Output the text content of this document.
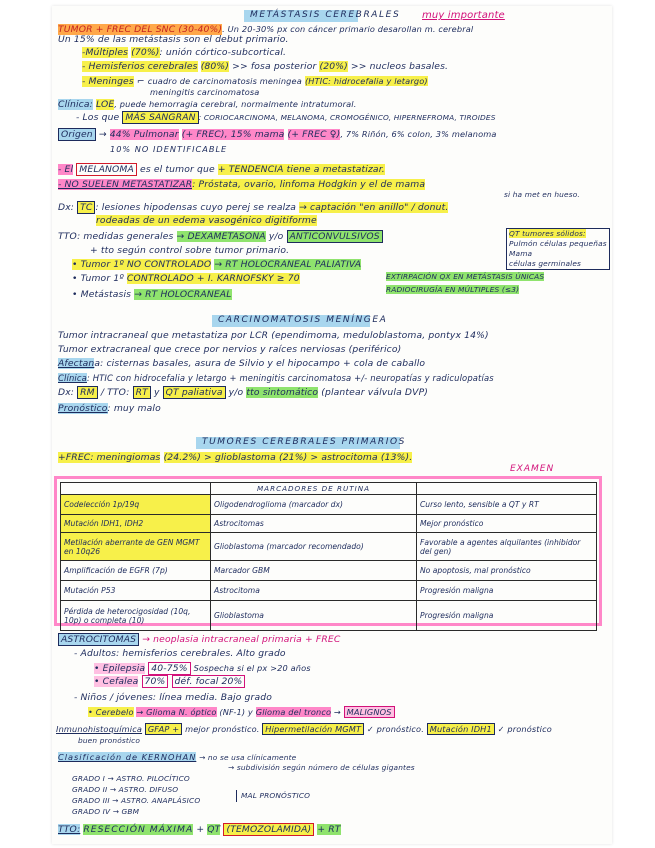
METÁSTASIS CEREBRALES muy importante
TUMOR + FREC DEL SNC (30-40%). Un 20-30% px con cáncer primario desarollan m. cerebral
Un 15% de las metástasis son el debut primario.
-Múltiples (70%): unión córtico-subcortical.
- Hemisferios cerebrales (80%) >> fosa posterior (20%) >> nucleos basales.
- Meninges ⌐ cuadro de carcinomatosis meningea (HTIC: hidrocefalia y letargo)
meningitis carcinomatosa
Clínica: LOE, puede hemorragia cerebral, normalmente intratumoral.
- Los que MÁS SANGRAN : CORIOCARCINOMA, MELANOMA, CROMOGÉNICO, HIPERNEFROMA, TIROIDES
Origen → 44% Pulmonar (+ FREC), 15% mama (+ FREC ♀), 7% Riñón, 6% colon, 3% melanoma
10% NO IDENTIFICABLE
- El MELANOMA es el tumor que + TENDENCIA tiene a metastatizar.
- NO SUELEN METASTATIZAR: Próstata, ovario, linfoma Hodgkin y el de mama
si ha met en hueso.
Dx: TC : lesiones hipodensas cuyo perej se realza → captación "en anillo" / donut.
rodeadas de un edema vasogénico digitiforme
TTO: medidas generales → DEXAMETASONA y/o ANTICONVULSIVOS	QT tumores sólidos:
Pulmón células pequeñas
Mama
células germinales
+ tto según control sobre tumor primario.
• Tumor 1º NO CONTROLADO → RT HOLOCRANEAL PALIATIVA
• Tumor 1º CONTROLADO + I. KARNOFSKY ≥ 70	EXTIRPACIÓN QX EN METÁSTASIS ÚNICAS
RADIOCIRUGÍA EN MÚLTIPLES (≤3)
• Metástasis → RT HOLOCRANEAL
CARCINOMATOSIS MENÍNGEA
Tumor intracraneal que metastatiza por LCR (ependimoma, meduloblastoma, pontyx 14%)
Tumor extracraneal que crece por nervios y raíces nerviosas (periférico)
Afectana: cisternas basales, asura de Silvio y el hipocampo + cola de caballo
Clínica: HTIC con hidrocefalia y letargo + meningitis carcinomatosa +/- neuropatías y radiculopatías
Dx: RM / TTO: RT y QT paliativa y/o tto sintomático (plantear válvula DVP)
Pronóstico: muy malo
TUMORES CEREBRALES PRIMARIOS
+FREC: meningiomas (24.2%) > glioblastoma (21%) > astrocitoma (13%).
EXAMEN
	MARCADORES DE RUTINA	
Codelección 1p/19q	Oligodendroglioma (marcador dx)	Curso lento, sensible a QT y RT
Mutación IDH1, IDH2	Astrocitomas	Mejor pronóstico
Metilación aberrante de GEN MGMT en 10q26	Glioblastoma (marcador recomendado)	Favorable a agentes alquilantes (inhibidor del gen)
Amplificación de EGFR (7p)	Marcador GBM	No apoptosis, mal pronóstico
Mutación P53	Astrocitoma	Progresión maligna
Pérdida de heterocigosidad (10q, 10p) o completa (10)	Glioblastoma	Progresión maligna
ASTROCITOMAS → neoplasia intracraneal primaria + FREC
- Adultos: hemisferios cerebrales. Alto grado
• Epilepsia 40-75% Sospecha si el px >20 años
• Cefalea 70% déf. focal 20%
- Niños / jóvenes: línea media. Bajo grado
• Cerebelo → Glioma N. óptico (NF-1) y Glioma del tronco → MALIGNOS
Inmunohistoquímica GFAP + mejor pronóstico. Hipermetilación MGMT ✓ pronóstico. Mutación IDH1 ✓ pronóstico
buen pronóstico
Clasificación de KERNOHAN → no se usa clínicamente
→ subdivisión según número de células gigantes
GRADO I → ASTRO. PILOCÍTICO
GRADO II → ASTRO. DIFUSO
GRADO III → ASTRO. ANAPLÁSICO
GRADO IV → GBM
MAL PRONÓSTICO
TTO: RESECCIÓN MÁXIMA + QT (TEMOZOLAMIDA) + RT
